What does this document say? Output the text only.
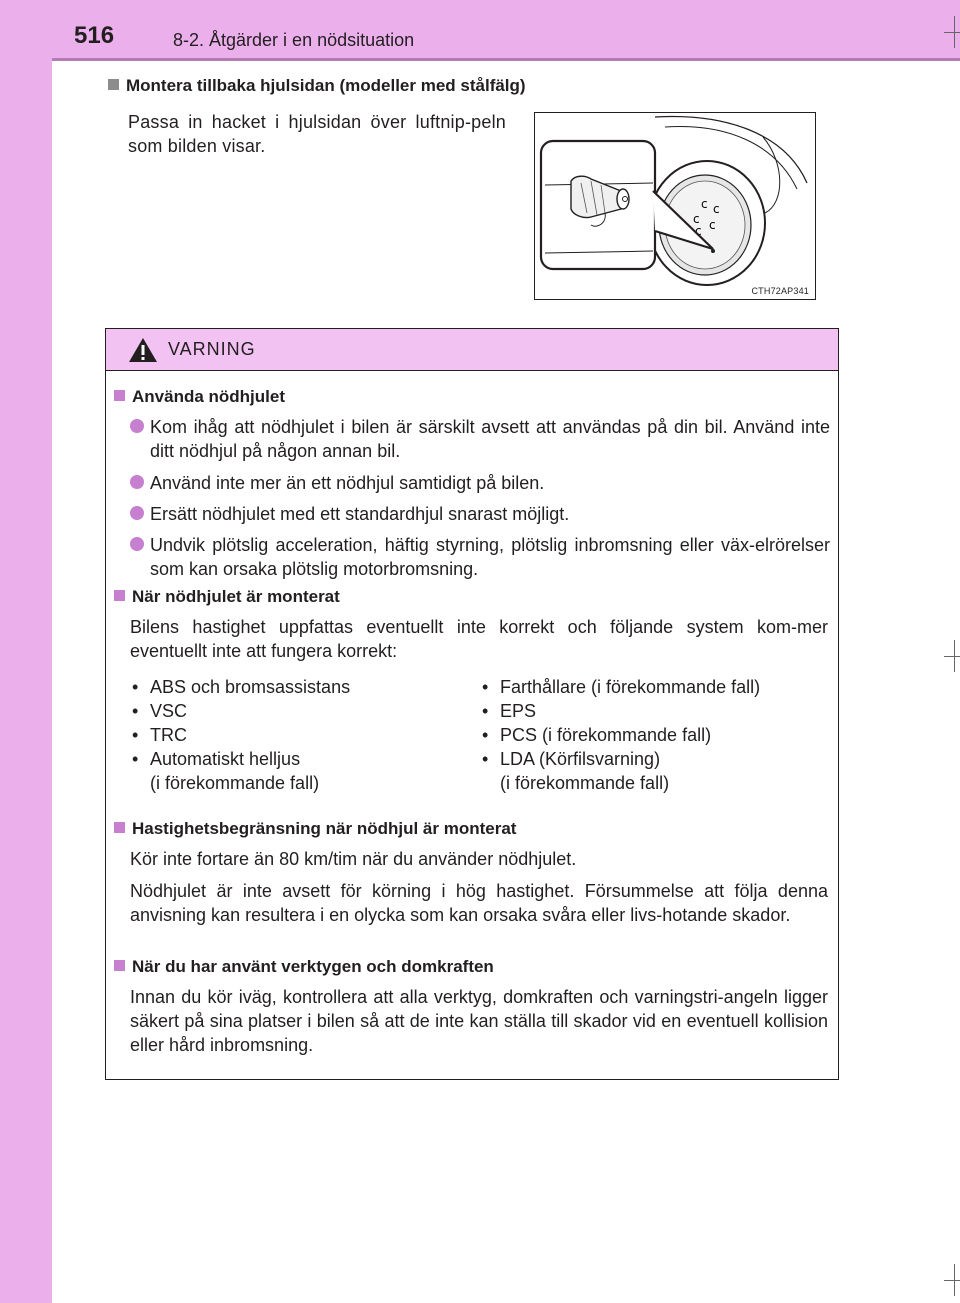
516	8-2. Åtgärder i en nödsituation
Montera tillbaka hjulsidan (modeller med stålfälg)
Passa in hacket i hjulsidan över luftnip-peln som bilden visar.
c c
c c
c
CTH72AP341
VARNING
Använda nödhjulet
Kom ihåg att nödhjulet i bilen är särskilt avsett att användas på din bil. Använd inte ditt nödhjul på någon annan bil.
Använd inte mer än ett nödhjul samtidigt på bilen.
Ersätt nödhjulet med ett standardhjul snarast möjligt.
Undvik plötslig acceleration, häftig styrning, plötslig inbromsning eller väx-elrörelser som kan orsaka plötslig motorbromsning.
När nödhjulet är monterat
Bilens hastighet uppfattas eventuellt inte korrekt och följande system kom-mer eventuellt inte att fungera korrekt:
• ABS och bromsassistans
• VSC
• TRC
• Automatiskt helljus
(i förekommande fall)
• Farthållare (i förekommande fall)
• EPS
• PCS (i förekommande fall)
• LDA (Körfilsvarning)
(i förekommande fall)
Hastighetsbegränsning när nödhjul är monterat
Kör inte fortare än 80 km/tim när du använder nödhjulet.
Nödhjulet är inte avsett för körning i hög hastighet. Försummelse att följa denna anvisning kan resultera i en olycka som kan orsaka svåra eller livs-hotande skador.
När du har använt verktygen och domkraften
Innan du kör iväg, kontrollera att alla verktyg, domkraften och varningstri-angeln ligger säkert på sina platser i bilen så att de inte kan ställa till skador vid en eventuell kollision eller hård inbromsning.
